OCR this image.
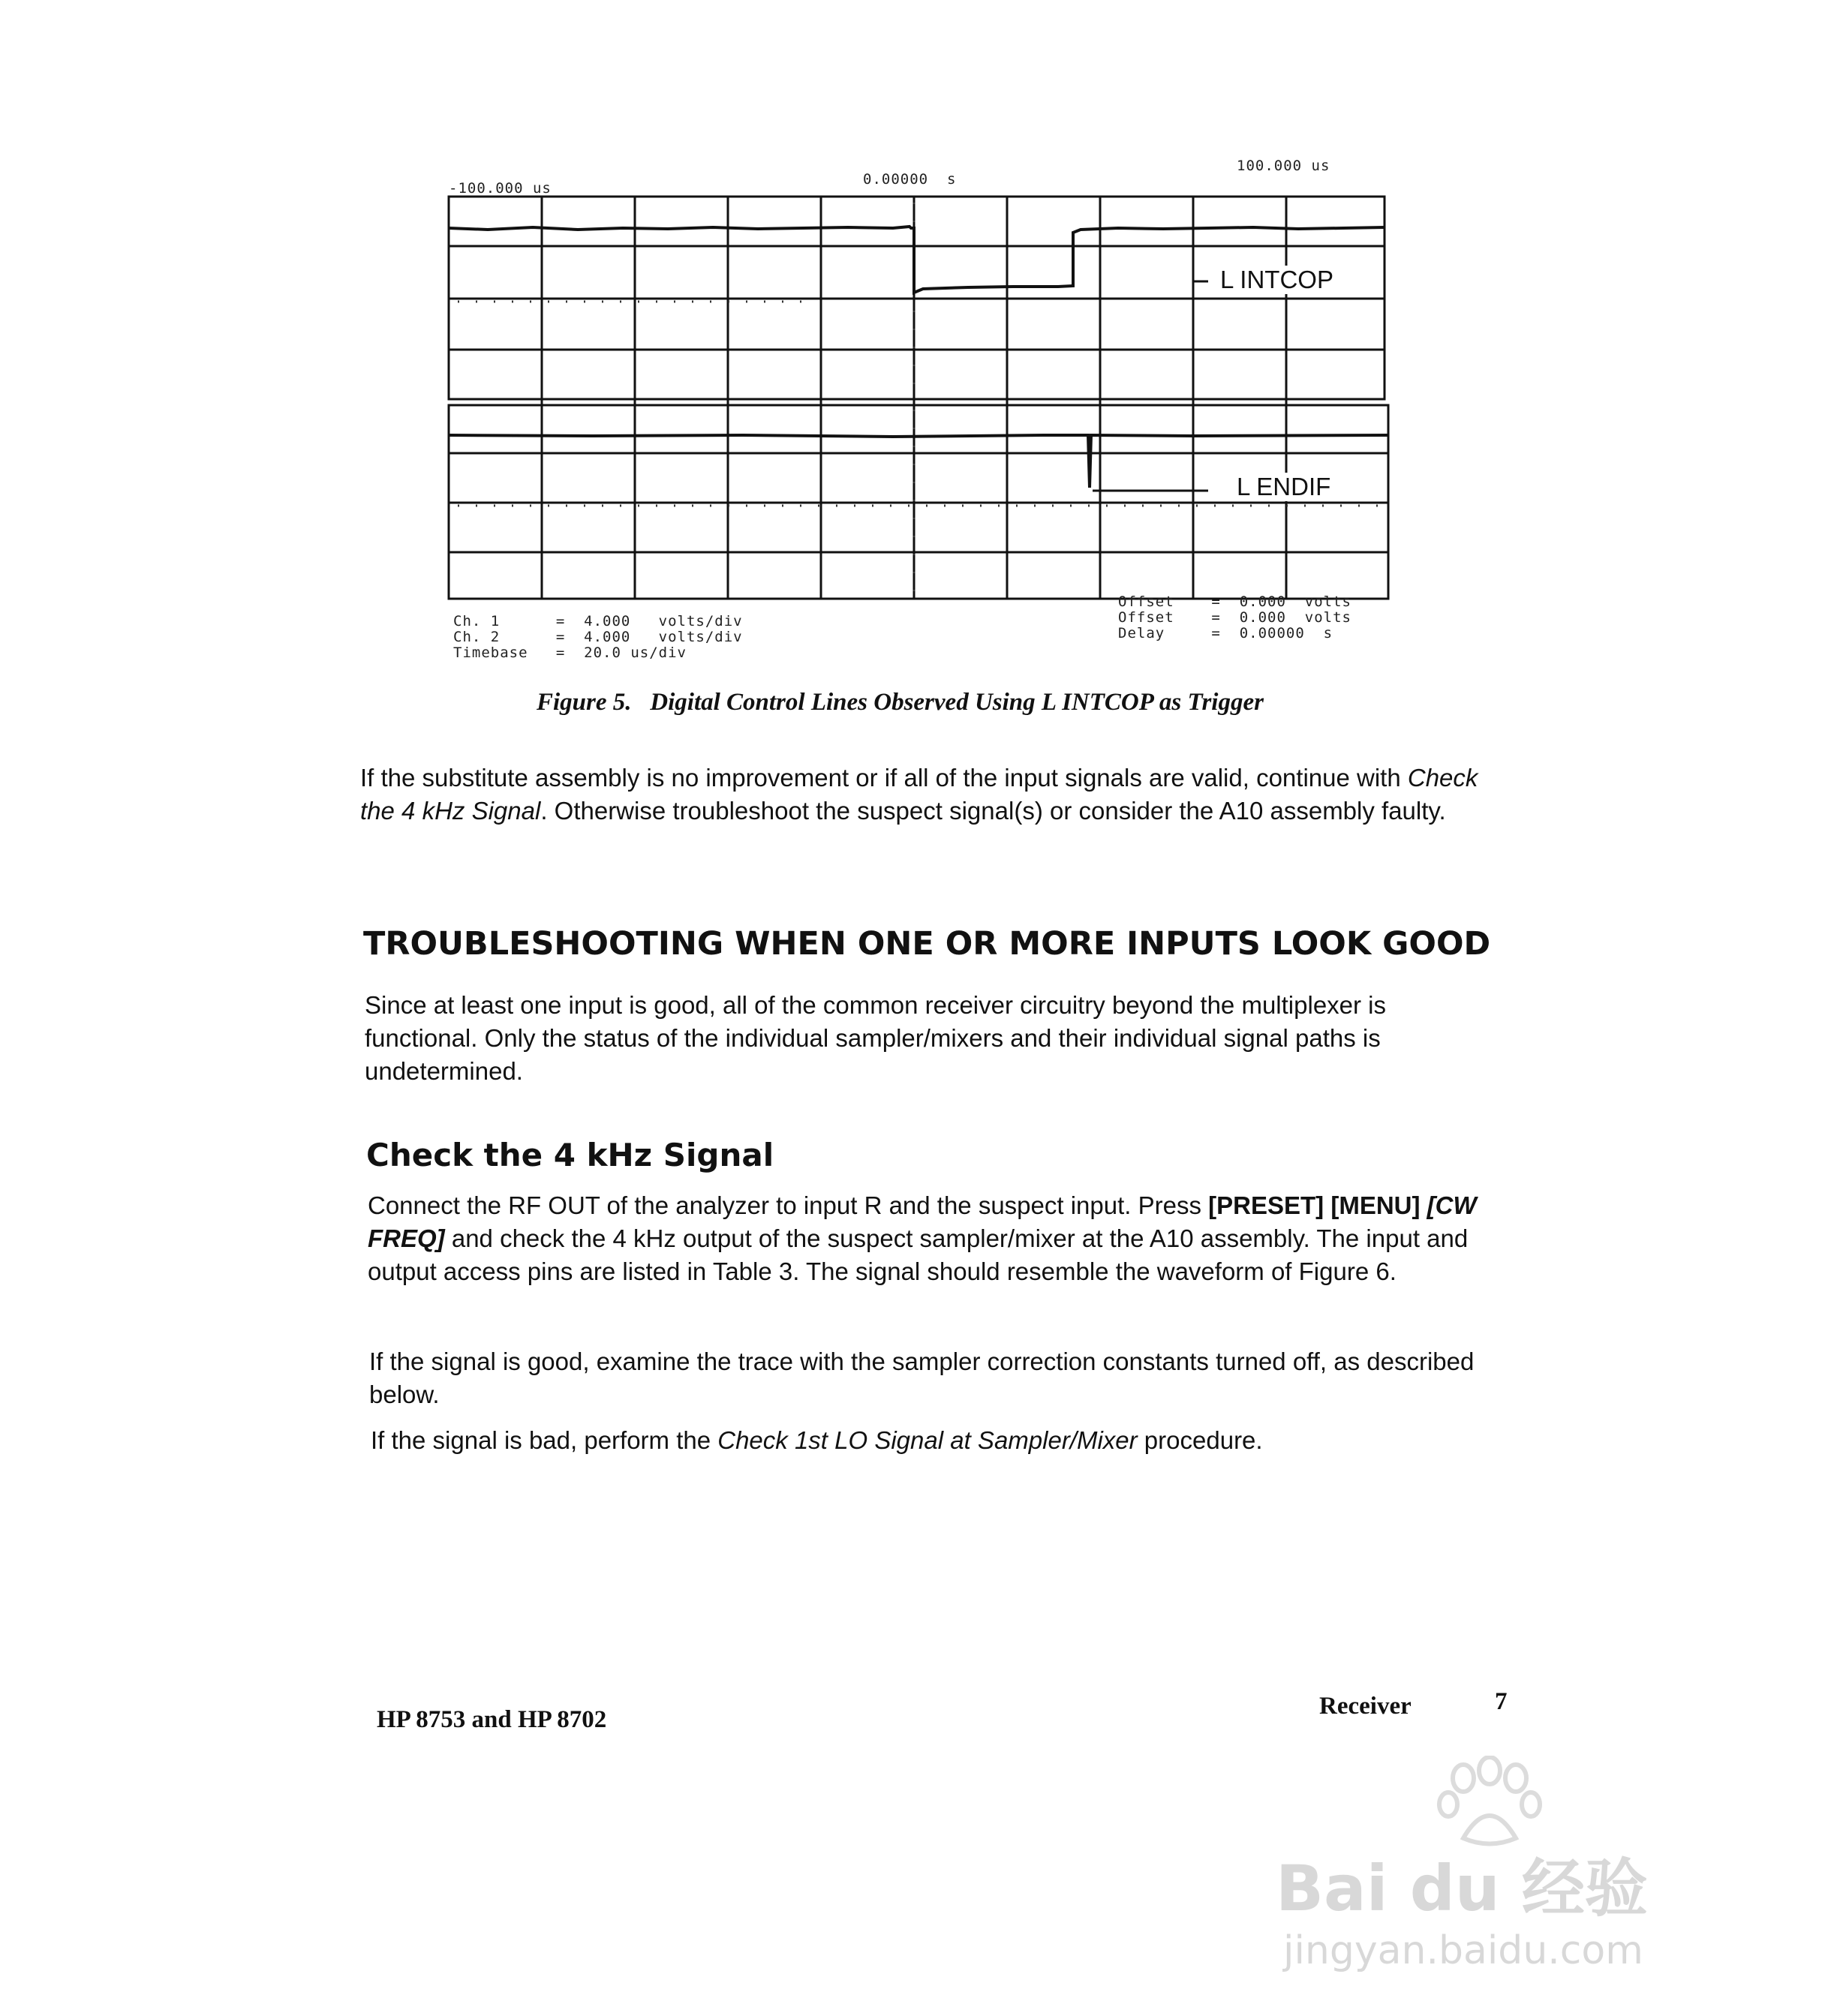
-100.000 us
0.00000  s
100.000 us
L INTCOP
L ENDIF
Ch. 1      =  4.000   volts/div
Ch. 2      =  4.000   volts/div
Timebase   =  20.0 us/div
Offset    =  0.000  volts
Offset    =  0.000  volts
Delay     =  0.00000  s
Figure 5.   Digital Control Lines Observed Using L INTCOP as Trigger
If the substitute assembly is no improvement or if all of the input signals are valid, continue with Check the 4 kHz Signal. Otherwise troubleshoot the suspect signal(s) or consider the A10 assembly faulty.
TROUBLESHOOTING WHEN ONE OR MORE INPUTS LOOK GOOD
Since at least one input is good, all of the common receiver circuitry beyond the multiplexer is functional. Only the status of the individual sampler/mixers and their individual signal paths is undetermined.
Check the 4 kHz Signal
Connect the RF OUT of the analyzer to input R and the suspect input. Press [PRESET] [MENU] [CW FREQ] and check the 4 kHz output of the suspect sampler/mixer at the A10 assembly. The input and output access pins are listed in Table 3. The signal should resemble the waveform of Figure 6.
If the signal is good, examine the trace with the sampler correction constants turned off, as described below.
If the signal is bad, perform the Check 1st LO Signal at Sampler/Mixer procedure.
HP 8753 and HP 8702	Receiver	7
Bai du 经验
jingyan.baidu.com
